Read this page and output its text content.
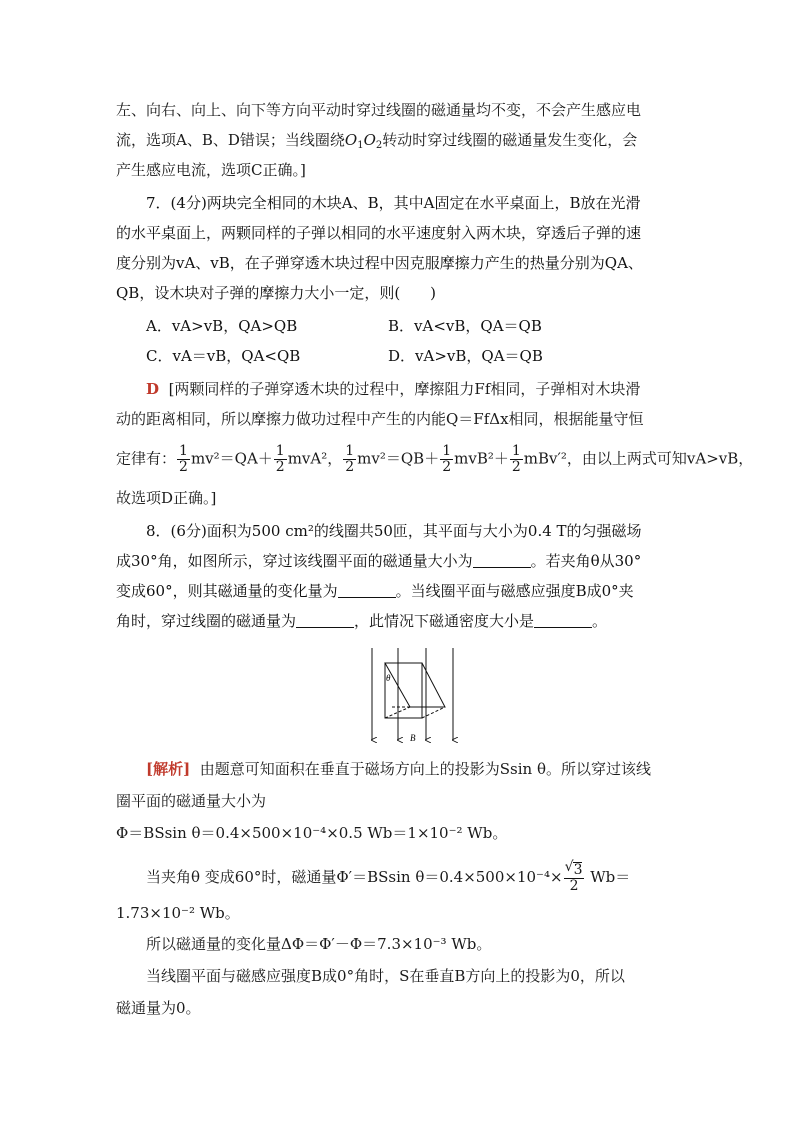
左、向右、向上、向下等方向平动时穿过线圈的磁通量均不变，不会产生感应电
流，选项A、B、D错误；当线圈绕$O_1O_2$转动时穿过线圈的磁通量发生变化，会
产生感应电流，选项C正确。]
7．(4分)两块完全相同的木块A、B，其中A固定在水平桌面上，B放在光滑
的水平桌面上，两颗同样的子弹以相同的水平速度射入两木块，穿透后子弹的速
度分别为vA、vB，在子弹穿透木块过程中因克服摩擦力产生的热量分别为QA、
QB，设木块对子弹的摩擦力大小一定，则(　　)
A．vA>vB，QA>QB	B．vA<vB，QA＝QB
C．vA＝vB，QA<QB	D．vA>vB，QA＝QB
D [两颗同样的子弹穿透木块的过程中，摩擦阻力Ff相同，子弹相对木块滑
动的距离相同，所以摩擦力做功过程中产生的内能Q＝FfΔx相同，根据能量守恒
定律有： $\frac{1}{2} mv^2=QA+ \frac{1}{2} mvA^2$， $\frac{1}{2} mv^2=QB+ \frac{1}{2} mvB^2+ \frac{1}{2} mBv'^2$，由以上两式可知vA>vB，
故选项D正确。]
8．(6分)面积为500 cm²的线圈共50匝，其平面与大小为0.4 T的匀强磁场
成30°角，如图所示，穿过该线圈平面的磁通量大小为	。若夹角θ从30°
变成60°，则其磁通量的变化量为	。当线圈平面与磁感应强度B成0°夹
角时，穿过线圈的磁通量为	，此情况下磁通密度大小是	。
θ
B
[解析] 由题意可知面积在垂直于磁场方向上的投影为Ssin θ。所以穿过该线
圈平面的磁通量大小为
Φ＝BSsin θ＝0.4×500×10⁻⁴×0.5 Wb＝1×10⁻² Wb。
当夹角θ 变成60°时，磁通量Φ′＝BSsin θ＝0.4×500×10⁻⁴×
√ $\frac{3}{2} Wb=$
1.73×10⁻² Wb。
所以磁通量的变化量ΔΦ＝Φ′－Φ＝7.3×10⁻³ Wb。
当线圈平面与磁感应强度B成0°角时，S在垂直B方向上的投影为0，所以
磁通量为0。
